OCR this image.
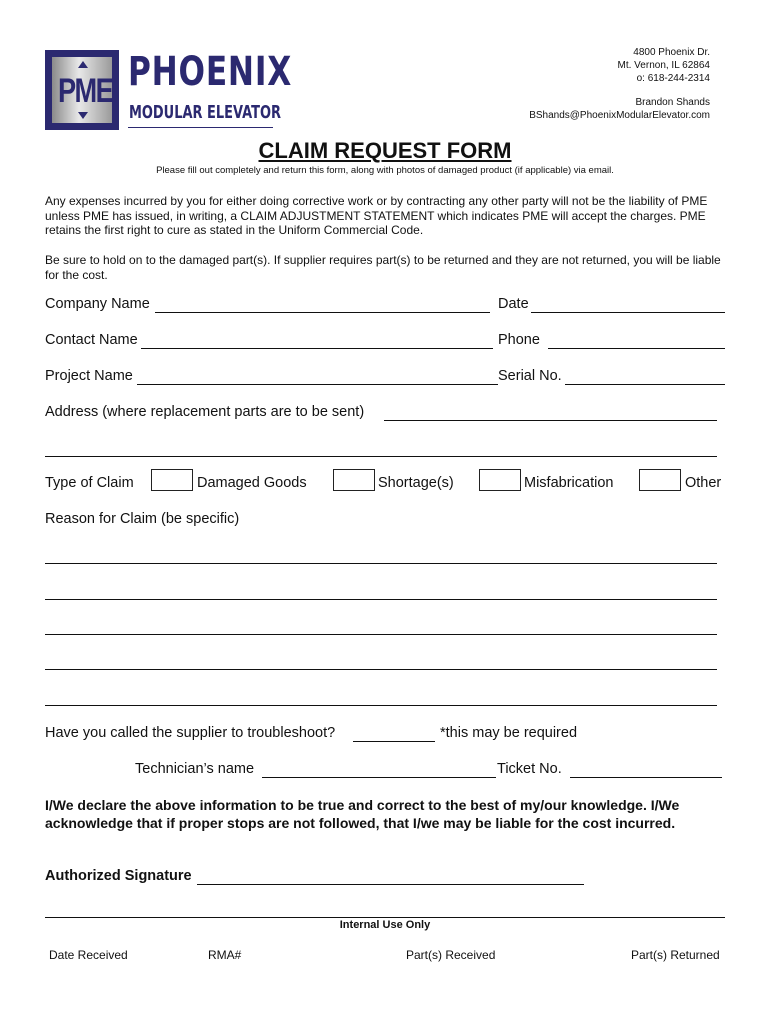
PME PHOENIX
MODULAR ELEVATOR
4800 Phoenix Dr.
Mt. Vernon, IL 62864
o: 618-244-2314
Brandon Shands
BShands@PhoenixModularElevator.com
CLAIM REQUEST FORM
Please fill out completely and return this form, along with photos of damaged product (if applicable) via email.
Any expenses incurred by you for either doing corrective work or by contracting any other party will not be the liability of PME unless PME has issued, in writing, a CLAIM ADJUSTMENT STATEMENT which indicates PME will accept the charges. PME retains the first right to cure as stated in the Uniform Commercial Code.
Be sure to hold on to the damaged part(s). If supplier requires part(s) to be returned and they are not returned, you will be liable for the cost.
Company Name	Date
Contact Name	Phone
Project Name	Serial No.
Address (where replacement parts are to be sent)
Type of Claim	Damaged Goods	Shortage(s)	Misfabrication	Other
Reason for Claim (be specific)
Have you called the supplier to troubleshoot?	*this may be required
Technician’s name	Ticket No.
I/We declare the above information to be true and correct to the best of my/our knowledge. I/We acknowledge that if proper stops are not followed, that I/we may be liable for the cost incurred.
Authorized Signature
Internal Use Only
Date Received	RMA#	Part(s) Received	Part(s) Returned
